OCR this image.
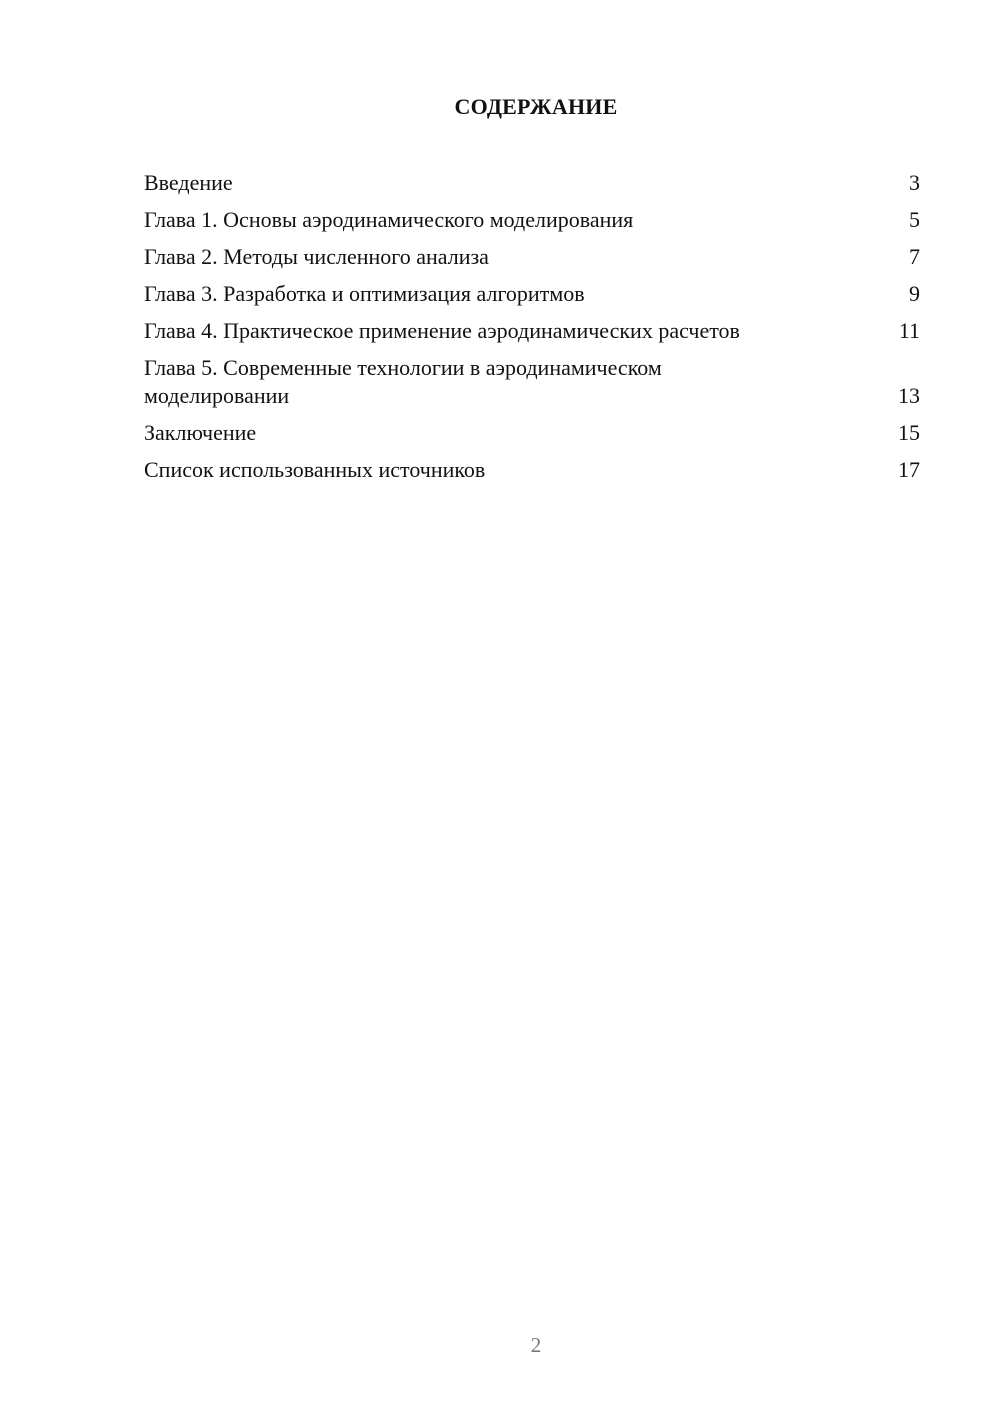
СОДЕРЖАНИЕ
Введение	3
Глава 1. Основы аэродинамического моделирования	5
Глава 2. Методы численного анализа	7
Глава 3. Разработка и оптимизация алгоритмов	9
Глава 4. Практическое применение аэродинамических расчетов	11
Глава 5. Современные технологии в аэродинамическом моделировании	13
Заключение	15
Список использованных источников	17
2
